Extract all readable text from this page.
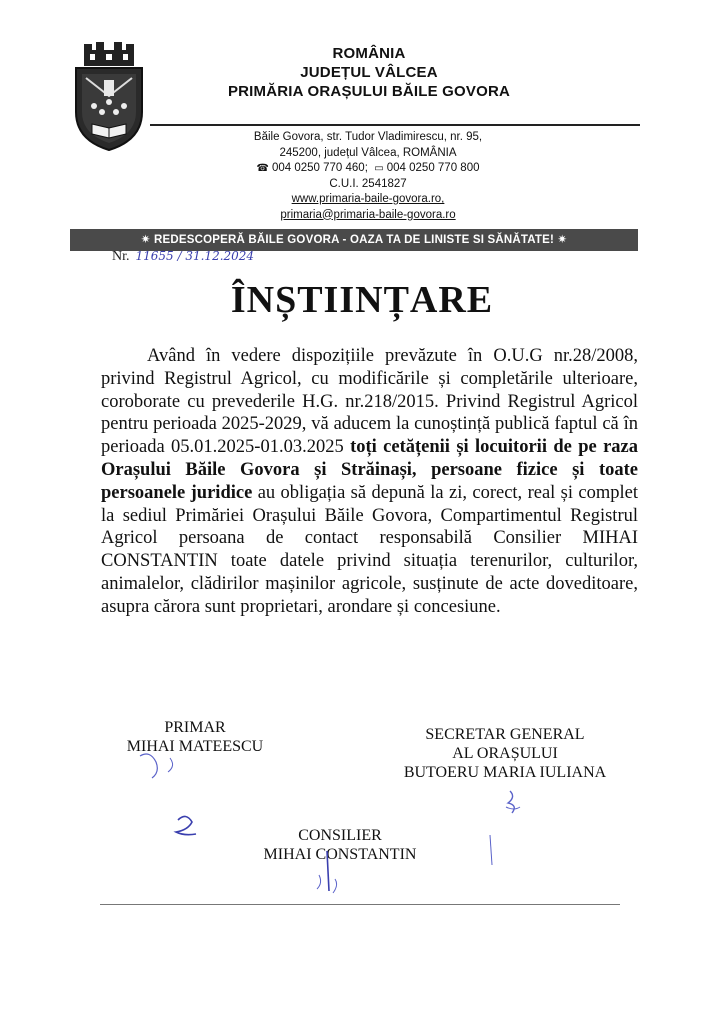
ROMÂNIA
JUDEȚUL VÂLCEA
PRIMĂRIA ORAȘULUI BĂILE GOVORA
Băile Govora, str. Tudor Vladimirescu, nr. 95,
245200, județul Vâlcea, ROMÂNIA
☎ 004 0250 770 460; ▭ 004 0250 770 800
C.U.I. 2541827
www.primaria-baile-govora.ro,
primaria@primaria-baile-govora.ro
✷ REDESCOPERĂ BĂILE GOVORA - OAZA TA DE LINISTE SI SĂNĂTATE! ✷
Nr. 11655 / 31.12.2024
ÎNȘTIINȚARE

Având în vedere dispozițiile prevăzute în O.U.G nr.28/2008, privind Registrul Agricol, cu modificările și completările ulterioare, coroborate cu prevederile H.G. nr.218/2015. Privind Registrul Agricol pentru perioada 2025-2029, vă aducem la cunoștință publică faptul că în perioada 05.01.2025-01.03.2025 toți cetățenii și locuitorii de pe raza Orașului Băile Govora și Străinași, persoane fizice și toate persoanele juridice au obligația să depună la zi, corect, real și complet la sediul Primăriei Orașului Băile Govora, Compartimentul Registrul Agricol persoana de contact responsabilă Consilier MIHAI CONSTANTIN toate datele privind situația terenurilor, culturilor, animalelor, clădirilor mașinilor agricole, susținute de acte doveditoare, asupra cărora sunt proprietari, arondare și concesiune.

PRIMAR
MIHAI MATEESCU
SECRETAR GENERAL
AL ORAȘULUI
BUTOERU MARIA IULIANA
CONSILIER
MIHAI CONSTANTIN
